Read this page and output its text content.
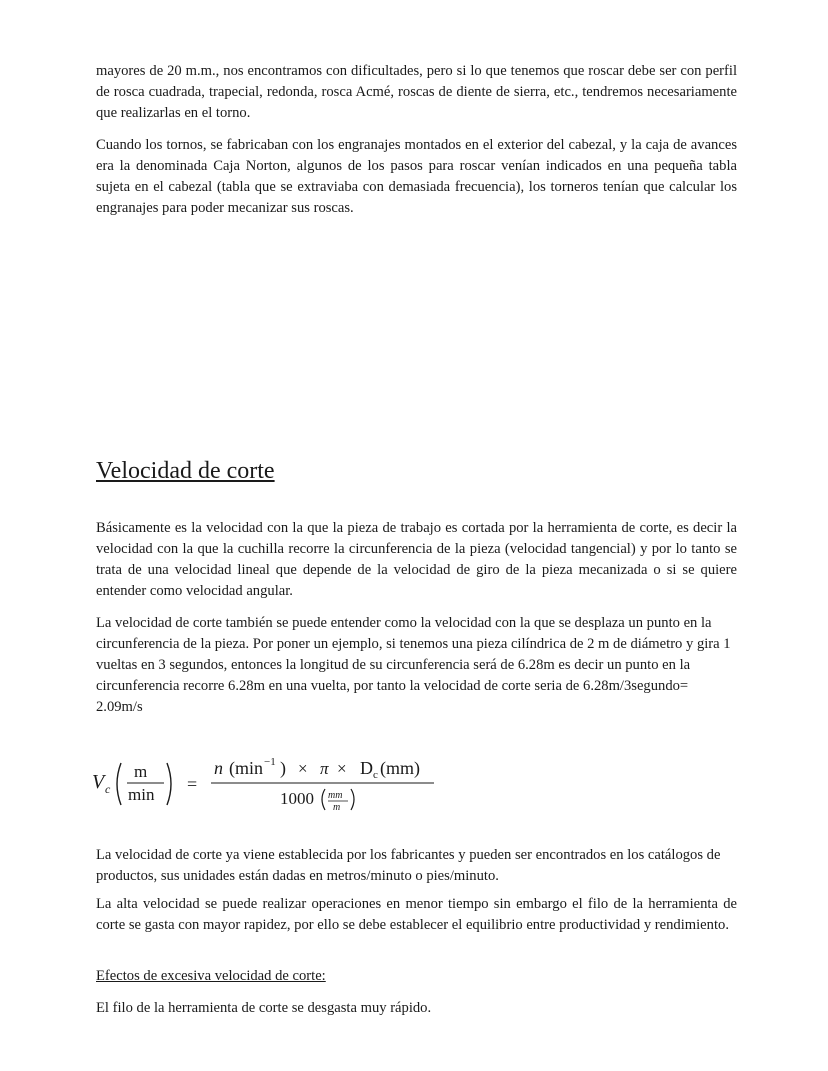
mayores de 20 m.m., nos encontramos con dificultades, pero si lo que tenemos que roscar debe ser con perfil de rosca cuadrada, trapecial, redonda, rosca Acmé, roscas de diente de sierra, etc., tendremos necesariamente que realizarlas en el torno.

Cuando los tornos, se fabricaban con los engranajes montados en el exterior del cabezal, y la caja de avances era la denominada Caja Norton, algunos de los pasos para roscar venían indicados en una pequeña tabla sujeta en el cabezal (tabla que se extraviaba con demasiada frecuencia), los torneros tenían que calcular los engranajes para poder mecanizar sus roscas.

Velocidad de corte

Básicamente es la velocidad con la que la pieza de trabajo es cortada por la herramienta de corte, es decir la velocidad con la que la cuchilla recorre la circunferencia de la pieza (velocidad tangencial) y por lo tanto se trata de una velocidad lineal que depende de la velocidad de giro de la pieza mecanizada o si se quiere entender como velocidad angular.

La velocidad de corte también se puede entender como la velocidad con la que se desplaza un punto en la circunferencia de la pieza. Por poner un ejemplo, si tenemos una pieza cilíndrica de 2 m de diámetro y gira 1 vueltas en 3 segundos, entonces la longitud de su circunferencia será de 6.28m es decir un punto en la circunferencia recorre 6.28m en una vuelta, por tanto la velocidad de corte seria de 6.28m/3segundo= 2.09m/s

V c
m
min
=
n (min −1 ) × π × D c (mm)
1000 mm
m

La velocidad de corte ya viene establecida por los fabricantes y pueden ser encontrados en los catálogos de productos, sus unidades están dadas en metros/minuto o pies/minuto.

La alta velocidad se puede realizar operaciones en menor tiempo sin embargo el filo de la herramienta de corte se gasta con mayor rapidez, por ello se debe establecer el equilibrio entre productividad y rendimiento.

Efectos de excesiva velocidad de corte:

El filo de la herramienta de corte se desgasta muy rápido.
